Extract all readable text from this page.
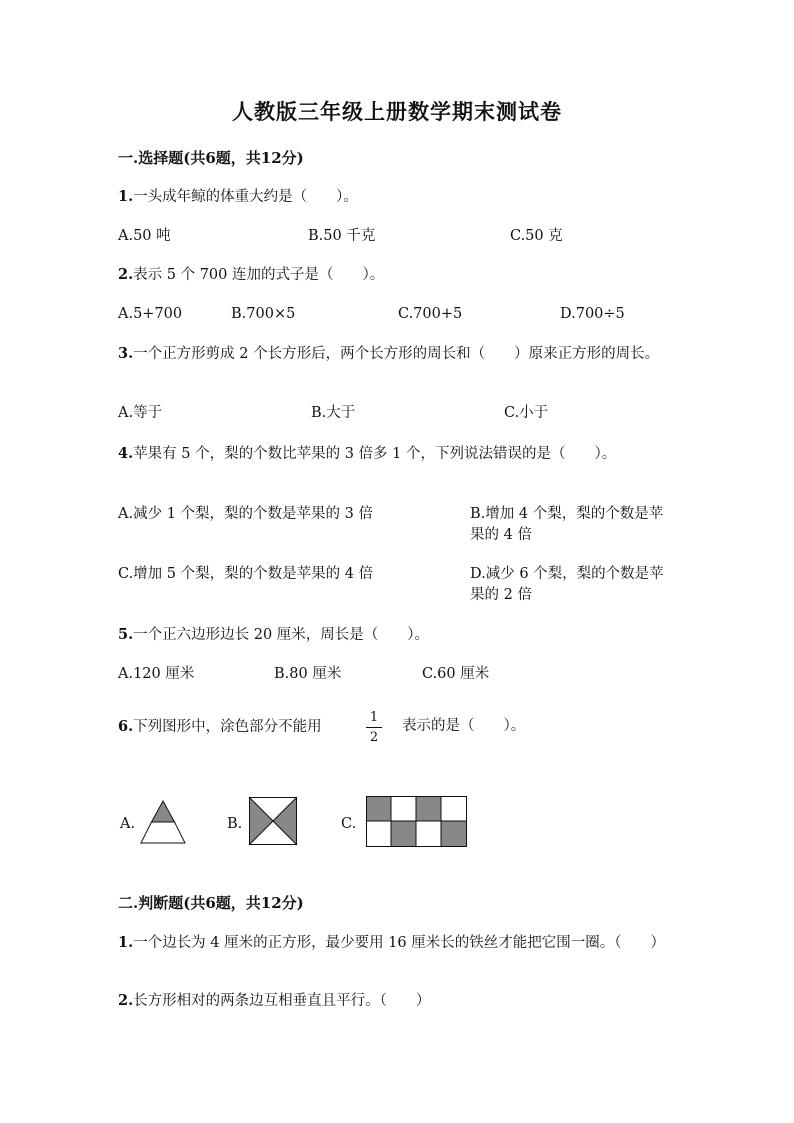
人教版三年级上册数学期末测试卷
一.选择题(共6题，共12分)
1.一头成年鲸的体重大约是（　　）。
A.50 吨	B.50 千克	C.50 克
2.表示 5 个 700 连加的式子是（　　）。
A.5+700	B.700×5	C.700+5	D.700÷5
3.一个正方形剪成 2 个长方形后，两个长方形的周长和（　　）原来正方形的周长。
A.等于	B.大于	C.小于
4.苹果有 5 个，梨的个数比苹果的 3 倍多 1 个，下列说法错误的是（　　）。
A.减少 1 个梨，梨的个数是苹果的 3 倍	B.增加 4 个梨，梨的个数是苹果的 4 倍
C.增加 5 个梨，梨的个数是苹果的 4 倍	D.减少 6 个梨，梨的个数是苹果的 2 倍
5.一个正六边形边长 20 厘米，周长是（　　）。
A.120 厘米	B.80 厘米	C.60 厘米
6.下列图形中，涂色部分不能用
1
2
表示的是（　　）。
A.	B.	C.
二.判断题(共6题，共12分)
1.一个边长为 4 厘米的正方形，最少要用 16 厘米长的铁丝才能把它围一圈。（　　）
2.长方形相对的两条边互相垂直且平行。（　　）
